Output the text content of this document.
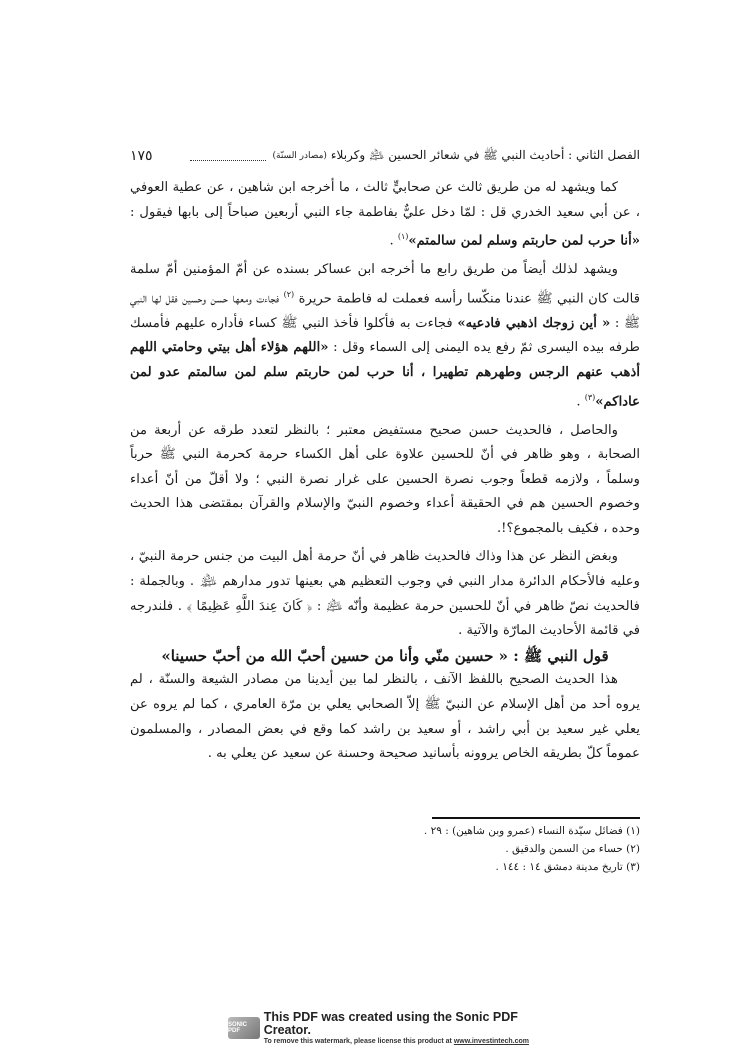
الفصل الثاني : أحاديث النبي ﷺ في شعائر الحسين ﵇ وكربلاء
(مصادر السنّة)
١٧٥

كما ويشهد له من طريق ثالث عن صحابيٍّ ثالث ، ما أخرجه ابن شاهين ، عن عطية العوفي ، عن أبي سعيد الخدري قل : لمّا دخل عليٌّ بفاطمة جاء النبي أربعين صباحاً إلى بابها فيقول : «أنا حرب لمن حاربتم وسلم لمن سالمتم»$^{(١)}$ .

ويشهد لذلك أيضاً من طريق رابع ما أخرجه ابن عساكر بسنده عن أمّ المؤمنين أمّ سلمة قالت كان النبي ﷺ عندنا منكّسا رأسه فعملت له فاطمة حريرة $^{(٢)}$ فجاءت ومعها حسن وحسين فقل لها النبي ﷺ : « أين زوجك اذهبي فادعيه» فجاءت به فأكلوا فأخذ النبي ﷺ كساء فأداره عليهم فأمسك طرفه بيده اليسرى ثمّ رفع يده اليمنى إلى السماء وقل : «اللهم هؤلاء أهل بيتي وحامتي اللهم أذهب عنهم الرجس وطهرهم تطهيرا ، أنا حرب لمن حاربتم سلم لمن سالمتم عدو لمن عاداكم»$^{(٣)}$ .

والحاصل ، فالحديث حسن صحيح مستفيض معتبر ؛ بالنظر لتعدد طرقه عن أربعة من الصحابة ، وهو ظاهر في أنّ للحسين علاوة على أهل الكساء حرمة كحرمة النبي ﷺ حرباً وسلماً ، ولازمه قطعاً وجوب نصرة الحسين على غرار نصرة النبي ؛ ولا أقلّ من أنّ أعداء وخصوم الحسين هم في الحقيقة أعداء وخصوم النبيّ والإسلام والقرآن بمقتضى هذا الحديث وحده ، فكيف بالمجموع؟!.

وبغض النظر عن هذا وذاك فالحديث ظاهر في أنّ حرمة أهل البيت من جنس حرمة النبيّ ، وعليه فالأحكام الدائرة مدار النبي في وجوب التعظيم هي بعينها تدور مدارهم ﵈ . وبالجملة : فالحديث نصّ ظاهر في أنّ للحسين حرمة عظيمة وأنّه ﵇ : ﴿ كَانَ عِندَ اللَّهِ عَظِيمًا ﴾ . فلندرجه في قائمة الأحاديث المارّة والآتية .

قول النبي ﷺ : « حسين منّي وأنا من حسين أحبّ الله من أحبّ حسينا»

هذا الحديث الصحيح باللفظ الآنف ، بالنظر لما بين أيدينا من مصادر الشيعة والسنّة ، لم يروه أحد من أهل الإسلام عن النبيّ ﷺ إلاّ الصحابي يعلي بن مرّة العامري ، كما لم يروه عن يعلي غير سعيد بن أبي راشد ، أو سعيد بن راشد كما وقع في بعض المصادر ، والمسلمون عموماً كلّ بطريقه الخاص يروونه بأسانيد صحيحة وحسنة عن سعيد عن يعلي به .

(١) فضائل سيّدة النساء (عمرو وبن شاهين) : ٢٩ .
(٢) حساء من السمن والدقيق .
(٣) تاريخ مدينة دمشق ١٤ : ١٤٤ .
SONIC PDF
This PDF was created using the Sonic PDF Creator.
To remove this watermark, please license this product at www.investintech.com
